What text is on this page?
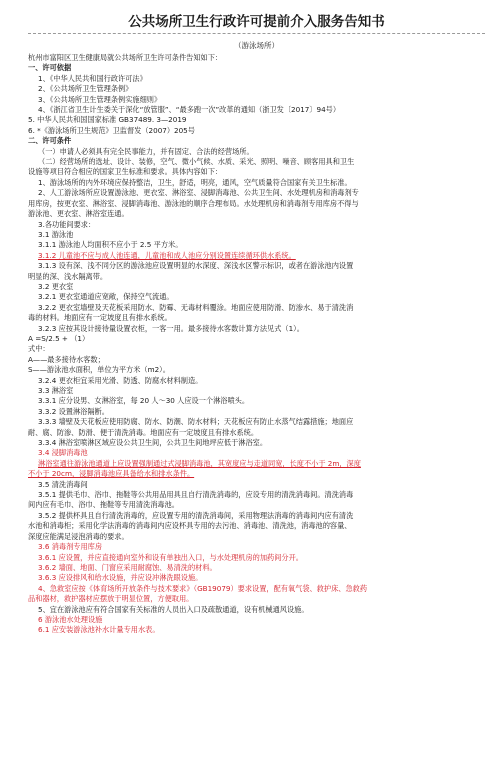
公共场所卫生行政许可提前介入服务告知书
（游泳场所）
杭州市富阳区卫生健康局就公共场所卫生许可条件告知如下：
一、许可依据
1、《中华人民共和国行政许可法》
2、《公共场所卫生管理条例》
3、《公共场所卫生管理条例实施细则》
4、《浙江省卫生计生委关于深化“放管服”、“最多跑一次”改革的通知（浙卫发〔2017〕94号）
5. 中华人民共和国国家标准 GB37489. 3—2019
6. *《游泳场所卫生规范》卫监督发（2007）205号
二、许可条件
（一）申请人必须具有完全民事能力，并有固定、合法的经营场所。
（二）经营场所的选址、设计、装修，空气、微小气候、水质、采光、照明、噪音、顾客用具和卫生
设施等项目符合相应的国家卫生标准和要求。具体内容如下：
1、游泳场所的内外环境应保持整洁，卫生，舒适，明亮，通风，空气质量符合国家有关卫生标准。
2、人工游泳场所应设置游泳池、更衣室、淋浴室、浸脚消毒池、公共卫生间、水处理机房和消毒剂专
用库房，按更衣室、淋浴室、浸脚消毒池、游泳池的顺序合理布局。水处理机房和消毒剂专用库房不得与
游泳池、更衣室、淋浴室连通。
3.各功能间要求：
3.1 游泳池
3.1.1 游泳池人均面积不应小于 2.5 平方米。
3.1.2 儿童池不应与成人池连通，儿童池和成人池应分别设置连续循环供水系统。
3.1.3 设有深、浅不同分区的游泳池应设置明显的水深度、深浅水区警示标识，或者在游泳池内设置
明显的深、浅水隔离带。
3.2 更衣室
3.2.1 更衣室通道应宽敞，保持空气流通。
3.2.2 更衣室墙壁及天花板采用防水、防霉、无毒材料覆涂。地面应使用防滑、防渗水、易于清洗消
毒的材料。地面应有一定坡度且有排水系统。
3.2.3 应按其设计接待量设置衣柜，一客一用。最多接待水客数计算方法见式（1）。
A =S/2.5 + （1）
式中：
A——最多接待水客数；
S——游泳池水面积，单位为平方米（m2）。
3.2.4 更衣柜宜采用光滑、防透、防腐水材料制造。
3.3 淋浴室
3.3.1 应分设男、女淋浴室，每 20 人～30 人应设一个淋浴喷头。
3.3.2 设置淋浴隔断。
3.3.3 墙壁及天花板应使用防腐、防水、防潮、防水材料；天花板应有防止水蒸气结露措施；地面应
耐、腐、防渗、防滑、便于清洗消毒。地面应有一定坡度且有排水系统。
3.3.4 淋浴室喷淋区域应设公共卫生间，公共卫生间地坪应低于淋浴室。
3.4 浸脚消毒池
淋浴室通往游泳池通道上应设置强制通过式浸脚消毒池，其宽度应与走道同宽，长度不小于 2m，深度
不小于 20cm，浸脚消毒池应具备给水和排水条件。
3.5 清洗消毒间
3.5.1 提供毛巾、浴巾、拖鞋等公共用品用具且自行清洗消毒的，应设专用的清洗消毒间。清洗消毒
间内应有毛巾、浴巾、拖鞋等专用清洗消毒池。
3.5.2 提供杯具且自行清洗消毒的，应设置专用的清洗消毒间，采用物理法消毒的消毒间内应有清洗
水池和消毒柜；采用化学法消毒的消毒间内应设杯具专用的去污池、消毒池、清洗池，消毒池的容量、
深度应能满足浸泡消毒的要求。
3.6 消毒剂专用库房
3.6.1 应设置，并应直接通向室外和设有单独出入口，与水处理机房的加药间分开。
3.6.2 墙面、地面、门窗应采用耐腐蚀、易清洗的材料。
3.6.3 应设排风和给水设施，并应设冲淋洗眼设施。
4、急救室应按《体育场所开放条件与技术要求》（GB19079）要求设置，配有氧气袋、救护床、急救药
品和器材，救护器材应摆放于明显位置，方便取用。
5、宜在游泳池应有符合国家有关标准的人员出入口及疏散通道，设有机械通风设施。
6 游泳池水处理设施
6.1 应安装游泳池补水计量专用水表。
